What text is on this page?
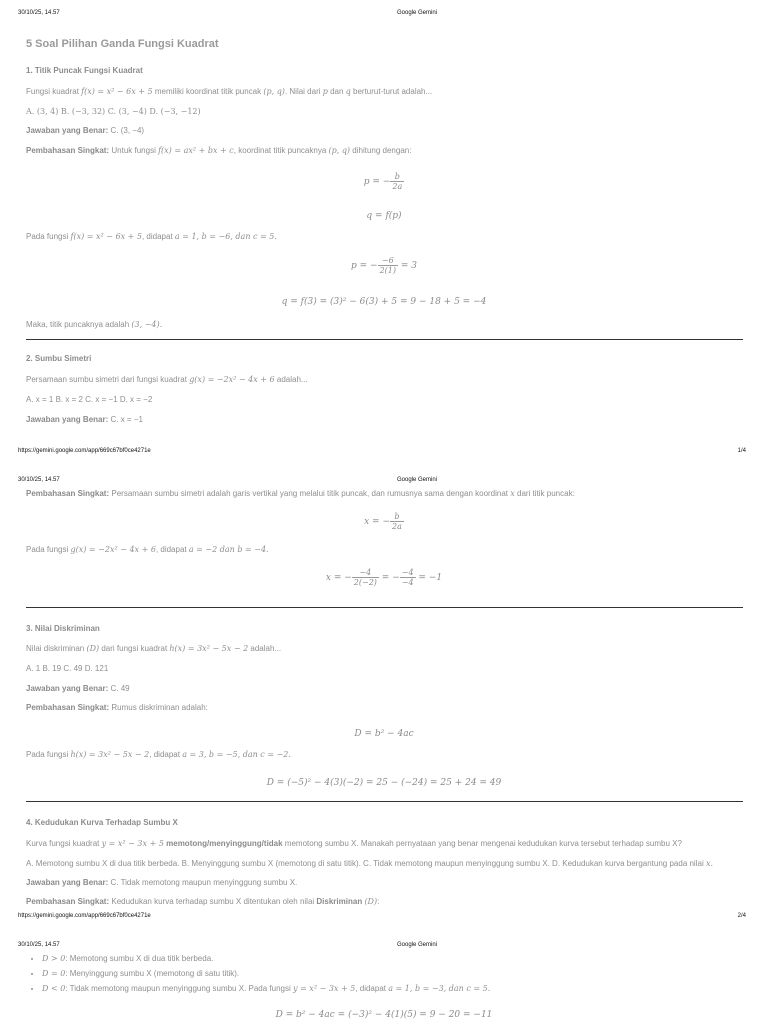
30/10/25, 14.57	Google Gemini
5 Soal Pilihan Ganda Fungsi Kuadrat
1. Titik Puncak Fungsi Kuadrat
Fungsi kuadrat f(x) = x² − 6x + 5 memiliki koordinat titik puncak (p, q). Nilai dari p dan q berturut-turut adalah...
A. (3, 4) B. (−3, 32) C. (3, −4) D. (−3, −12)
Jawaban yang Benar: C. (3, −4)
Pembahasan Singkat: Untuk fungsi f(x) = ax² + bx + c, koordinat titik puncaknya (p, q) dihitung dengan:
p = − $\frac{b}{2a}$
q = f(p)
Pada fungsi f(x) = x² − 6x + 5, didapat a = 1, b = −6, dan c = 5.
p = − $\frac{-6}{2(1)} = 3$
q = f(3) = (3)² − 6(3) + 5 = 9 − 18 + 5 = −4
Maka, titik puncaknya adalah (3, −4).
2. Sumbu Simetri
Persamaan sumbu simetri dari fungsi kuadrat g(x) = −2x² − 4x + 6 adalah...
A. x = 1 B. x = 2 C. x = −1 D. x = −2
Jawaban yang Benar: C. x = −1
https://gemini.google.com/app/669c67bf0ce4271e	1/4
30/10/25, 14.57	Google Gemini
Pembahasan Singkat: Persamaan sumbu simetri adalah garis vertikal yang melalui titik puncak, dan rumusnya sama dengan koordinat x dari titik puncak:
x = − $\frac{b}{2a}$
Pada fungsi g(x) = −2x² − 4x + 6, didapat a = −2 dan b = −4.
x = − $\frac{-4}{2(-2)}$ = − $\frac{-4}{-4} = -1$
3. Nilai Diskriminan
Nilai diskriminan (D) dari fungsi kuadrat h(x) = 3x² − 5x − 2 adalah...
A. 1 B. 19 C. 49 D. 121
Jawaban yang Benar: C. 49
Pembahasan Singkat: Rumus diskriminan adalah:
D = b² − 4ac
Pada fungsi h(x) = 3x² − 5x − 2, didapat a = 3, b = −5, dan c = −2.
D = (−5)² − 4(3)(−2) = 25 − (−24) = 25 + 24 = 49
4. Kedudukan Kurva Terhadap Sumbu X
Kurva fungsi kuadrat y = x² − 3x + 5 memotong/menyinggung/tidak memotong sumbu X. Manakah pernyataan yang benar mengenai kedudukan kurva tersebut terhadap sumbu X?
A. Memotong sumbu X di dua titik berbeda. B. Menyinggung sumbu X (memotong di satu titik). C. Tidak memotong maupun menyinggung sumbu X. D. Kedudukan kurva bergantung pada nilai x.
Jawaban yang Benar: C. Tidak memotong maupun menyinggung sumbu X.
Pembahasan Singkat: Kedudukan kurva terhadap sumbu X ditentukan oleh nilai Diskriminan (D):
https://gemini.google.com/app/669c67bf0ce4271e	2/4
30/10/25, 14.57	Google Gemini
• D > 0: Memotong sumbu X di dua titik berbeda.
• D = 0: Menyinggung sumbu X (memotong di satu titik).
• D < 0: Tidak memotong maupun menyinggung sumbu X. Pada fungsi y = x² − 3x + 5, didapat a = 1, b = −3, dan c = 5.
D = b² − 4ac = (−3)² − 4(1)(5) = 9 − 20 = −11
